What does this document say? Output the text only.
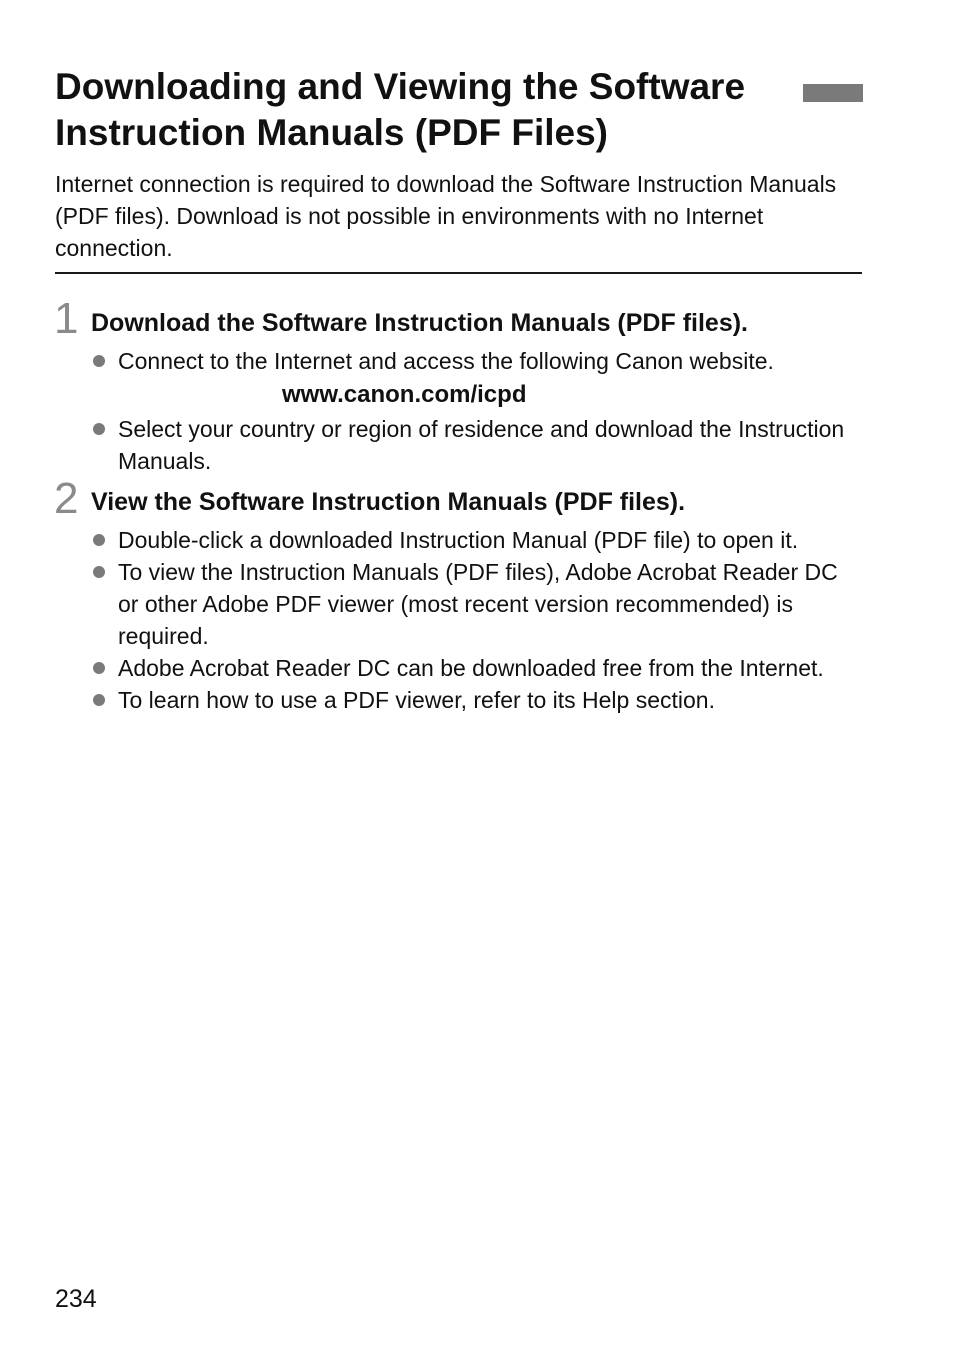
Downloading and Viewing the Software Instruction Manuals (PDF Files)

Internet connection is required to download the Software Instruction Manuals (PDF files). Download is not possible in environments with no Internet connection.

1 Download the Software Instruction Manuals (PDF files).
Connect to the Internet and access the following Canon website.
www.canon.com/icpd
Select your country or region of residence and download the Instruction Manuals.
2 View the Software Instruction Manuals (PDF files).
Double-click a downloaded Instruction Manual (PDF file) to open it.
To view the Instruction Manuals (PDF files), Adobe Acrobat Reader DC or other Adobe PDF viewer (most recent version recommended) is required.
Adobe Acrobat Reader DC can be downloaded free from the Internet.
To learn how to use a PDF viewer, refer to its Help section.
234
